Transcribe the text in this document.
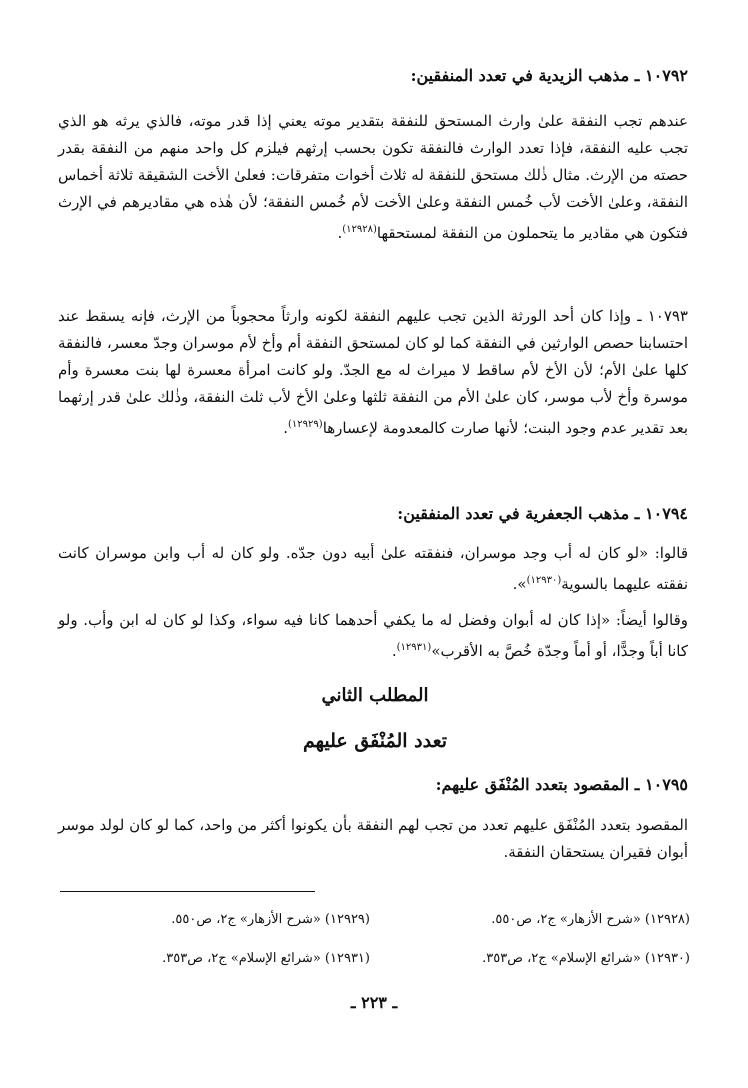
١٠٧٩٢ ـ مذهب الزيدية في تعدد المنفقين:
عندهم تجب النفقة علىٰ وارث المستحق للنفقة بتقدير موته يعني إذا قدر موته، فالذي يرثه هو الذي تجب عليه النفقة، فإذا تعدد الوارث فالنفقة تكون بحسب إرثهم فيلزم كل واحد منهم من النفقة بقدر حصته من الإرث. مثال ذٰلك مستحق للنفقة له ثلاث أخوات متفرقات: فعلىٰ الأخت الشقيقة ثلاثة أخماس النفقة، وعلىٰ الأخت لأب خُمس النفقة وعلىٰ الأخت لأم خُمس النفقة؛ لأن هٰذه هي مقاديرهم في الإرث فتكون هي مقادير ما يتحملون من النفقة لمستحقها$^{(١٢٩٢٨)}$.
١٠٧٩٣ ـ وإذا كان أحد الورثة الذين تجب عليهم النفقة لكونه وارثاً محجوباً من الإرث، فإنه يسقط عند احتسابنا حصص الوارثين في النفقة كما لو كان لمستحق النفقة أم وأخ لأم موسران وجدّ معسر، فالنفقة كلها علىٰ الأم؛ لأن الأخ لأم ساقط لا ميراث له مع الجدّ. ولو كانت امرأة معسرة لها بنت معسرة وأم موسرة وأخ لأب موسر، كان علىٰ الأم من النفقة ثلثها وعلىٰ الأخ لأب ثلث النفقة، وذٰلك علىٰ قدر إرثهما بعد تقدير عدم وجود البنت؛ لأنها صارت كالمعدومة لإعسارها$^{(١٢٩٢٩)}$.
١٠٧٩٤ ـ مذهب الجعفرية في تعدد المنفقين:
قالوا: «لو كان له أب وجد موسران، فنفقته علىٰ أبيه دون جدّه. ولو كان له أب وابن موسران كانت نفقته عليهما بالسوية$^{(١٢٩٣٠)}$».
وقالوا أيضاً: «إذا كان له أبوان وفضل له ما يكفي أحدهما كانا فيه سواء، وكذا لو كان له ابن وأب. ولو كانا أباً وجدًّا، أو أماً وجدّة خُصَّ به الأقرب»$^{(١٢٩٣١)}$.
المطلب الثاني
تعدد المُنْفَق عليهم
١٠٧٩٥ ـ المقصود بتعدد المُنْفَق عليهم:
المقصود بتعدد المُنْفَق عليهم تعدد من تجب لهم النفقة بأن يكونوا أكثر من واحد، كما لو كان لولد موسر أبوان فقيران يستحقان النفقة.
(١٢٩٢٨) «شرح الأزهار» ج٢، ص٥٥٠.
(١٢٩٢٩) «شرح الأزهار» ج٢، ص٥٥٠.
(١٢٩٣٠) «شرائع الإسلام» ج٢، ص٣٥٣.
(١٢٩٣١) «شرائع الإسلام» ج٢، ص٣٥٣.
ـ ٢٢٣ ـ
